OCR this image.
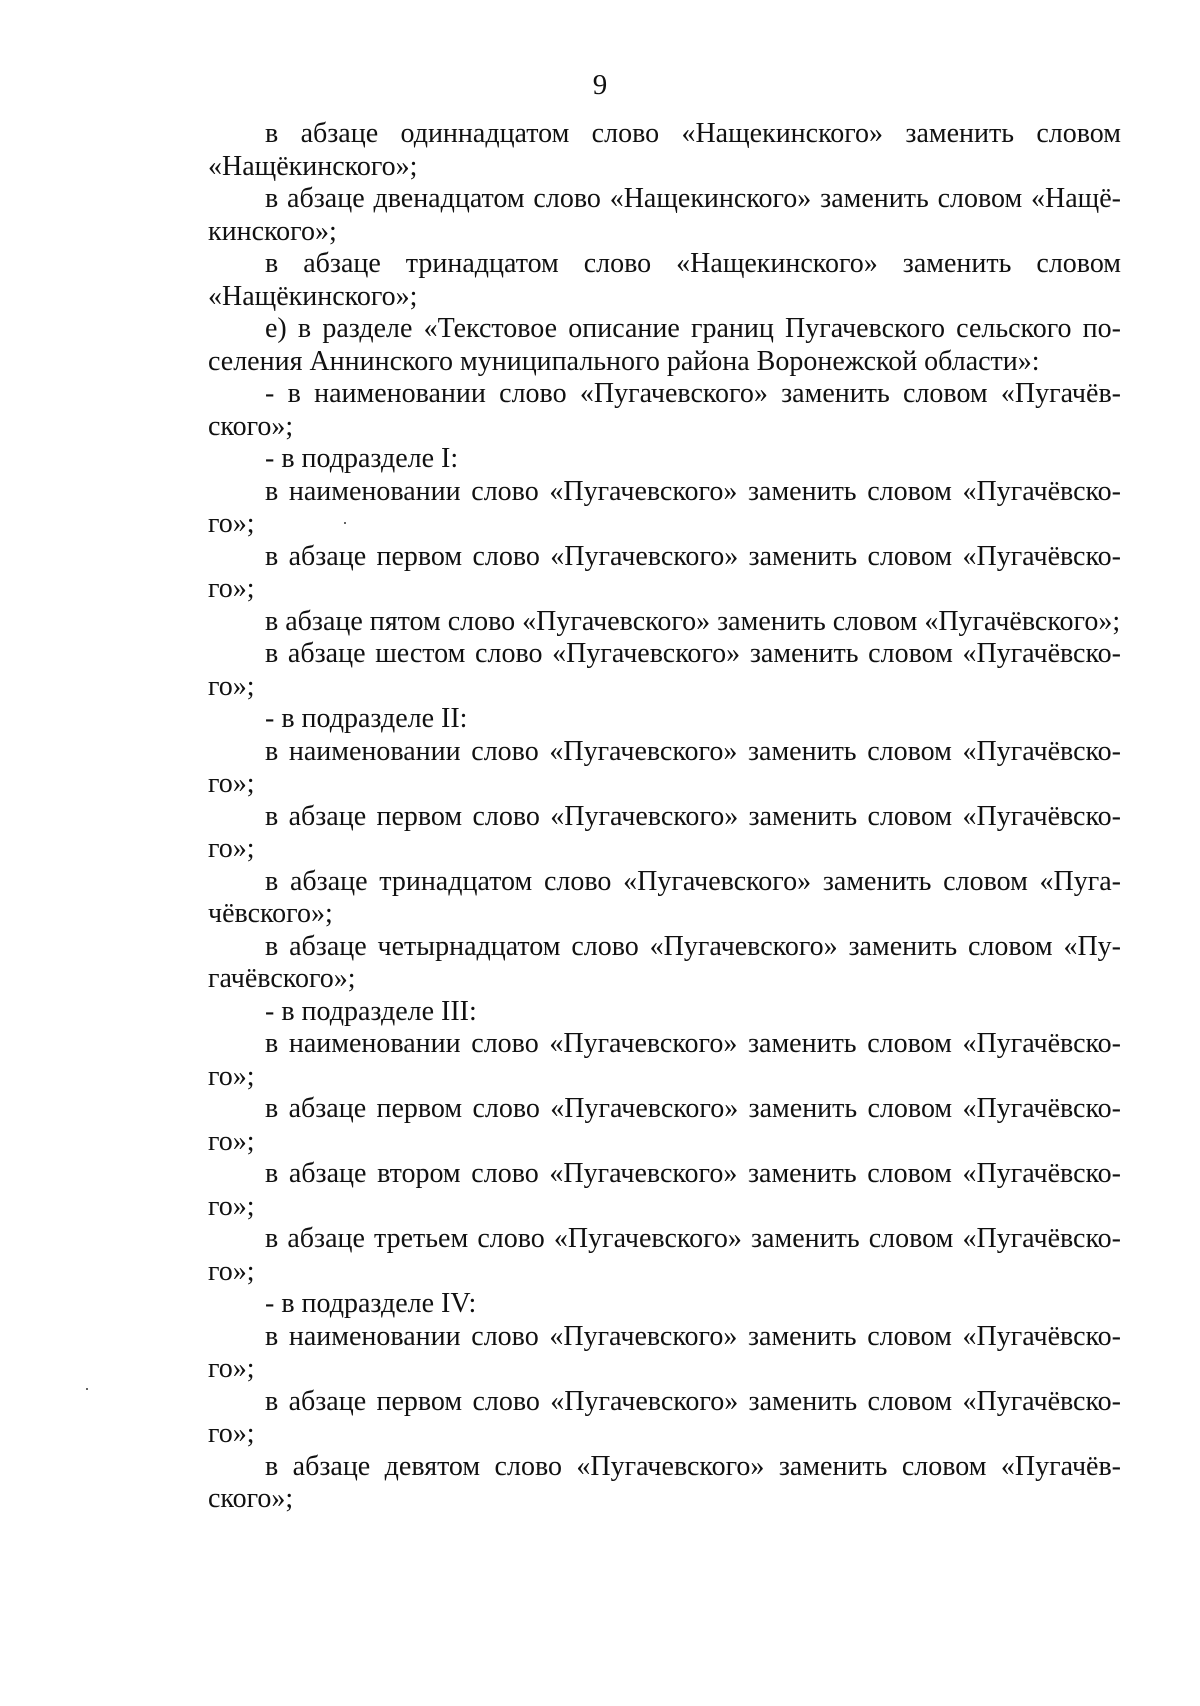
9

в абзаце одиннадцатом слово «Нащекинского» заменить словом «Нащёкинского»;

в абзаце двенадцатом слово «Нащекинского» заменить словом «Нащёкинского»;

в абзаце тринадцатом слово «Нащекинского» заменить словом «Нащёкинского»;

е) в разделе «Текстовое описание границ Пугачевского сельского поселения Аннинского муниципального района Воронежской области»:

- в наименовании слово «Пугачевского» заменить словом «Пугачёвского»;

- в подразделе I:

в наименовании слово «Пугачевского» заменить словом «Пугачёвского»;

в абзаце первом слово «Пугачевского» заменить словом «Пугачёвского»;

в абзаце пятом слово «Пугачевского» заменить словом «Пугачёвского»;

в абзаце шестом слово «Пугачевского» заменить словом «Пугачёвского»;

- в подразделе II:

в наименовании слово «Пугачевского» заменить словом «Пугачёвского»;

в абзаце первом слово «Пугачевского» заменить словом «Пугачёвского»;

в абзаце тринадцатом слово «Пугачевского» заменить словом «Пугачёвского»;

в абзаце четырнадцатом слово «Пугачевского» заменить словом «Пугачёвского»;

- в подразделе III:

в наименовании слово «Пугачевского» заменить словом «Пугачёвского»;

в абзаце первом слово «Пугачевского» заменить словом «Пугачёвского»;

в абзаце втором слово «Пугачевского» заменить словом «Пугачёвского»;

в абзаце третьем слово «Пугачевского» заменить словом «Пугачёвского»;

- в подразделе IV:

в наименовании слово «Пугачевского» заменить словом «Пугачёвского»;

в абзаце первом слово «Пугачевского» заменить словом «Пугачёвского»;

в абзаце девятом слово «Пугачевского» заменить словом «Пугачёвского»;
